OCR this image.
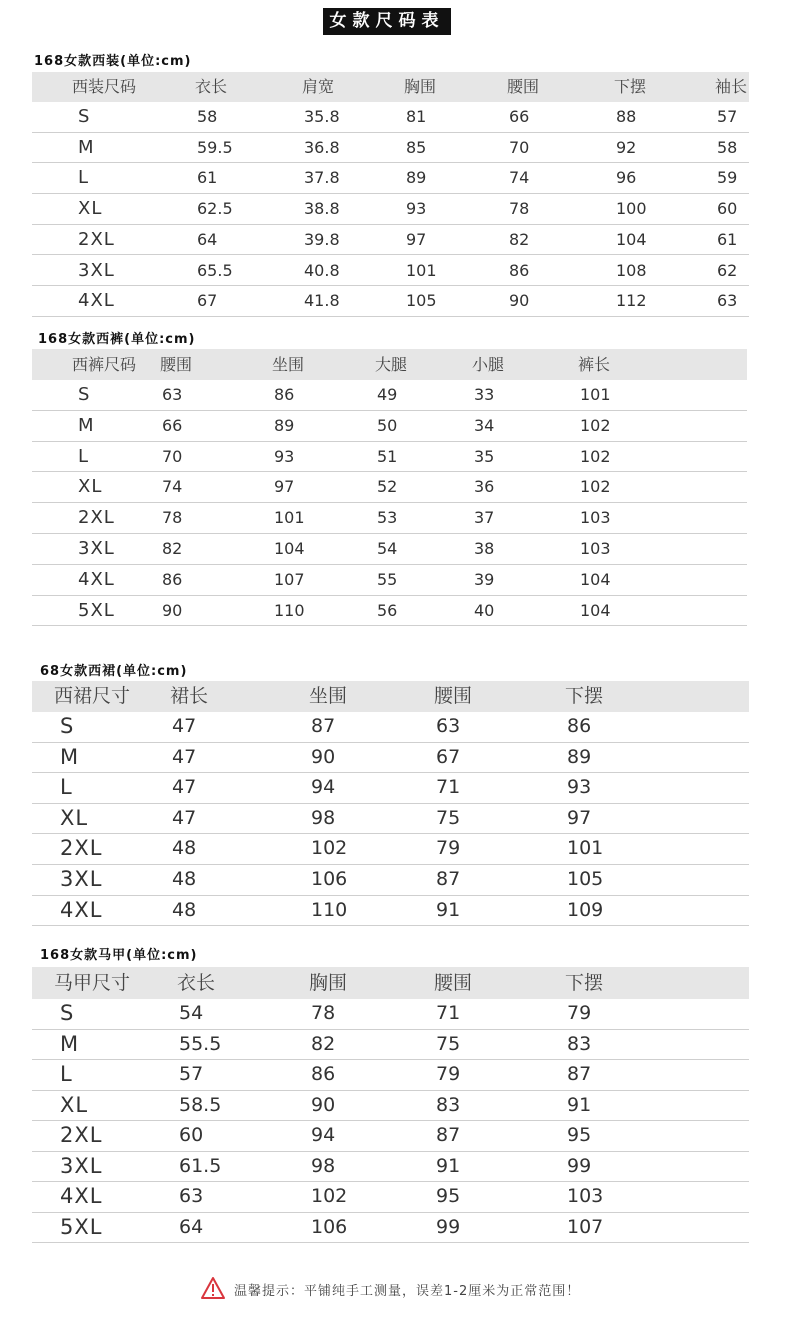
女款尺码表
西装尺码	衣长	肩宽	胸围	腰围	下摆	袖长
S	58	35.8	81	66	88	57
M	59.5	36.8	85	70	92	58
L	61	37.8	89	74	96	59
XL	62.5	38.8	93	78	100	60
2XL	64	39.8	97	82	104	61
3XL	65.5	40.8	101	86	108	62
4XL	67	41.8	105	90	112	63
西裤尺码 腰围	坐围	大腿	小腿	裤长
S	63	86	49	33	101
M	66	89	50	34	102
L	70	93	51	35	102
XL	74	97	52	36	102
2XL	78	101	53	37	103
3XL	82	104	54	38	103
4XL	86	107	55	39	104
5XL	90	110	56	40	104
西裙尺寸 裙长	坐围	腰围	下摆
S	47	87	63	86
M	47	90	67	89
L	47	94	71	93
XL	47	98	75	97
2XL	48	102	79	101
3XL	48	106	87	105
4XL	48	110	91	109
马甲尺寸 衣长	胸围	腰围	下摆
S	54	78	71	79
M	55.5	82	75	83
L	57	86	79	87
XL	58.5	90	83	91
2XL	60	94	87	95
3XL	61.5	98	91	99
4XL	63	102	95	103
5XL	64	106	99	107
温馨提示：平铺纯手工测量，误差1-2厘米为正常范围！
168女款西装(单位:cm)
168女款西裤(单位:cm)
68女款西裙(单位:cm)
168女款马甲(单位:cm)
